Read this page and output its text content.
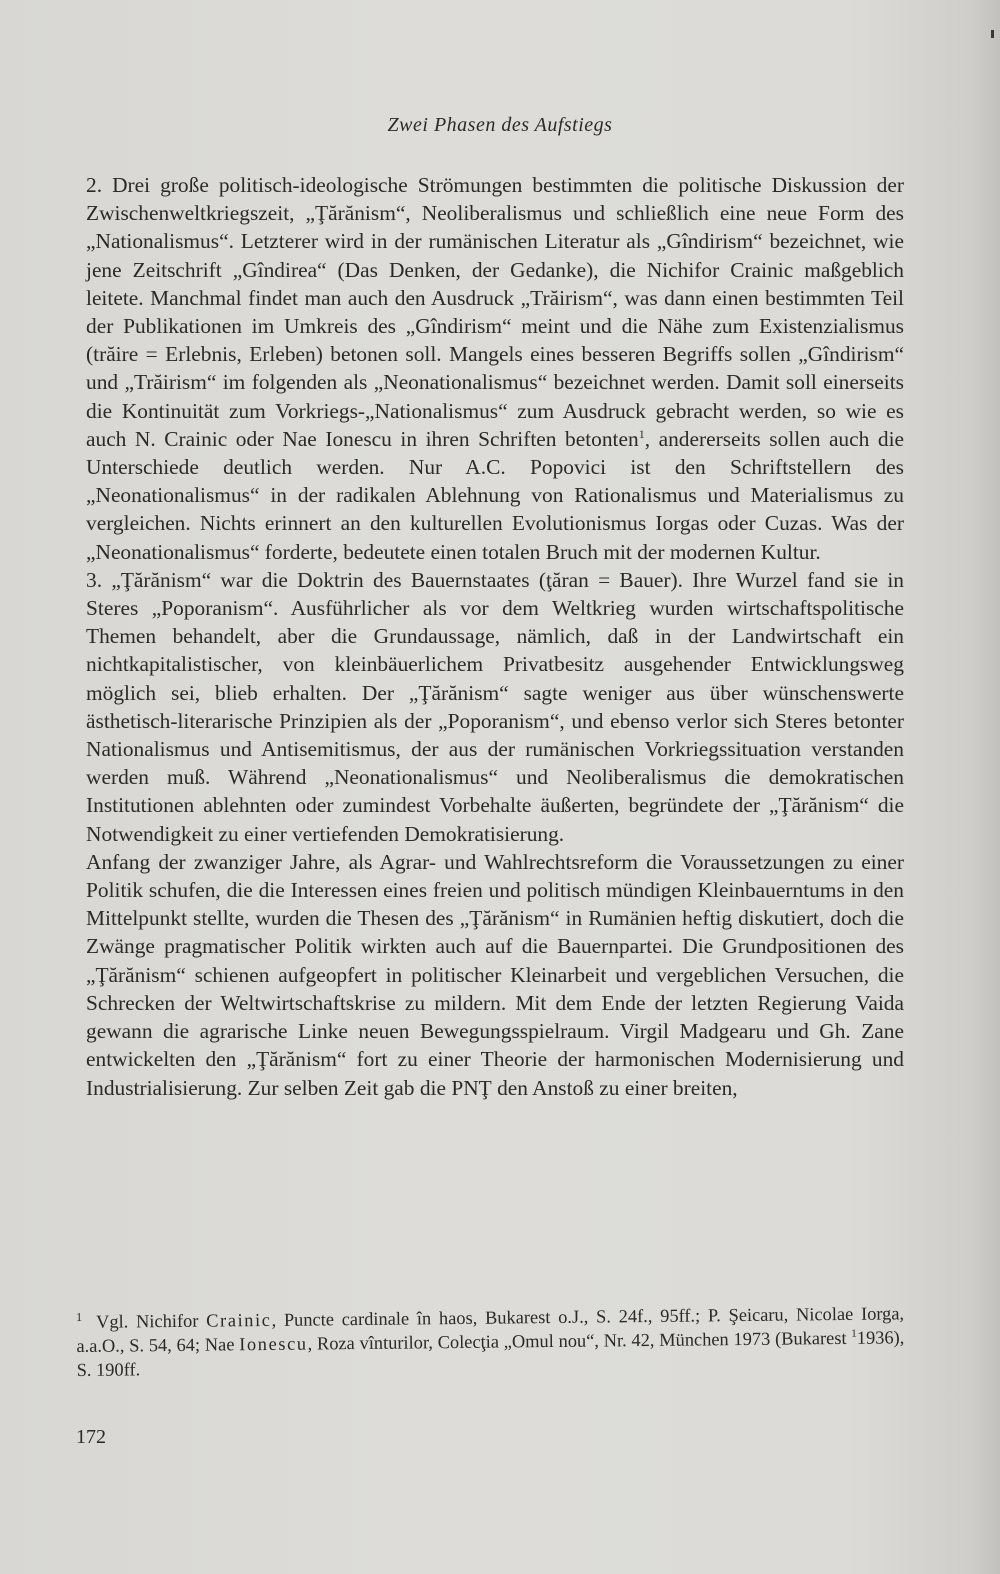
Zwei Phasen des Aufstiegs

2. Drei große politisch-ideologische Strömungen bestimmten die politische Diskussion der Zwischenweltkriegszeit, „Ţărănism“, Neoliberalismus und schließlich eine neue Form des „Nationalismus“. Letzterer wird in der rumänischen Literatur als „Gîndirism“ bezeichnet, wie jene Zeitschrift „Gîndirea“ (Das Denken, der Gedanke), die Nichifor Crainic maßgeblich leitete. Manchmal findet man auch den Ausdruck „Trăirism“, was dann einen bestimmten Teil der Publikationen im Umkreis des „Gîndirism“ meint und die Nähe zum Existenzialismus (trăire = Erlebnis, Erleben) betonen soll. Mangels eines besseren Begriffs sollen „Gîndirism“ und „Trăirism“ im folgenden als „Neonationalismus“ bezeichnet werden. Damit soll einerseits die Kontinuität zum Vorkriegs-„Nationalismus“ zum Ausdruck gebracht werden, so wie es auch N. Crainic oder Nae Ionescu in ihren Schriften betonten$^1$, andererseits sollen auch die Unterschiede deutlich werden. Nur A.C. Popovici ist den Schriftstellern des „Neonationalismus“ in der radikalen Ablehnung von Rationalismus und Materialismus zu vergleichen. Nichts erinnert an den kulturellen Evolutionismus Iorgas oder Cuzas. Was der „Neonationalismus“ forderte, bedeutete einen totalen Bruch mit der modernen Kultur.

3. „Ţărănism“ war die Doktrin des Bauernstaates (ţăran = Bauer). Ihre Wurzel fand sie in Steres „Poporanism“. Ausführlicher als vor dem Weltkrieg wurden wirtschaftspolitische Themen behandelt, aber die Grundaussage, nämlich, daß in der Landwirtschaft ein nichtkapitalistischer, von kleinbäuerlichem Privatbesitz ausgehender Entwicklungsweg möglich sei, blieb erhalten. Der „Ţărănism“ sagte weniger aus über wünschenswerte ästhetisch-literarische Prinzipien als der „Poporanism“, und ebenso verlor sich Steres betonter Nationalismus und Antisemitismus, der aus der rumänischen Vorkriegssituation verstanden werden muß. Während „Neonationalismus“ und Neoliberalismus die demokratischen Institutionen ablehnten oder zumindest Vorbehalte äußerten, begründete der „Ţărănism“ die Notwendigkeit zu einer vertiefenden Demokratisierung.

Anfang der zwanziger Jahre, als Agrar- und Wahlrechtsreform die Voraussetzungen zu einer Politik schufen, die die Interessen eines freien und politisch mündigen Kleinbauerntums in den Mittelpunkt stellte, wurden die Thesen des „Ţărănism“ in Rumänien heftig diskutiert, doch die Zwänge pragmatischer Politik wirkten auch auf die Bauernpartei. Die Grundpositionen des „Ţărănism“ schienen aufgeopfert in politischer Kleinarbeit und vergeblichen Versuchen, die Schrecken der Weltwirtschaftskrise zu mildern. Mit dem Ende der letzten Regierung Vaida gewann die agrarische Linke neuen Bewegungsspielraum. Virgil Madgearu und Gh. Zane entwickelten den „Ţărănism“ fort zu einer Theorie der harmonischen Modernisierung und Industrialisierung. Zur selben Zeit gab die PNŢ den Anstoß zu einer breiten,

$^1$ Vgl. Nichifor Crainic, Puncte cardinale în haos, Bukarest o.J., S. 24f., 95ff.; P. Şeicaru, Nicolae Iorga, a.a.O., S. 54, 64; Nae Ionescu, Roza vînturilor, Colecţia „Omul nou“, Nr. 42, München 1973 (Bukarest $^1$1936), S. 190ff.
172
